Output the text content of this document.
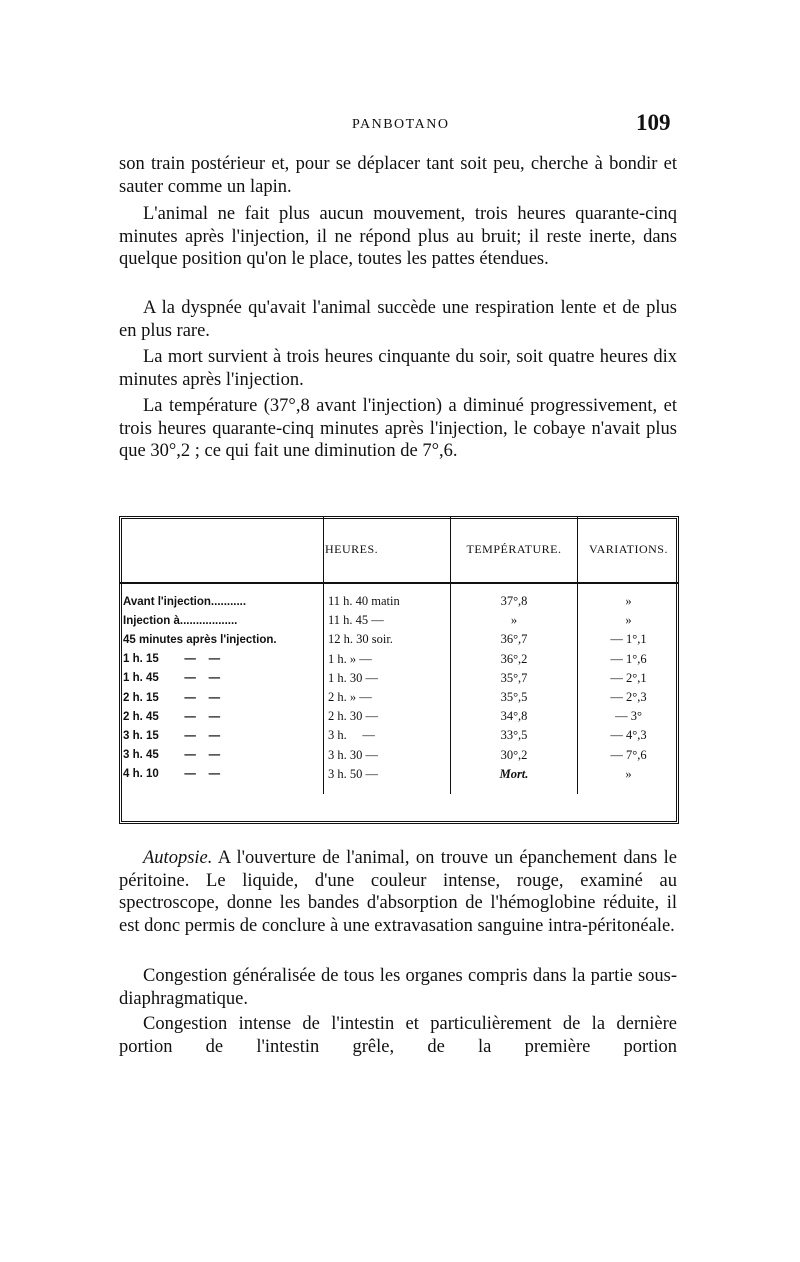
PANBOTANO	109
son train postérieur et, pour se déplacer tant soit peu, cherche à bondir et sauter comme un lapin.
L'animal ne fait plus aucun mouvement, trois heures quarante-cinq minutes après l'injection, il ne répond plus au bruit; il reste inerte, dans quelque position qu'on le place, toutes les pattes étendues.
A la dyspnée qu'avait l'animal succède une respiration lente et de plus en plus rare.
La mort survient à trois heures cinquante du soir, soit quatre heures dix minutes après l'injection.
La température (37°,8 avant l'injection) a diminué progressivement, et trois heures quarante-cinq minutes après l'injection, le cobaye n'avait plus que 30°,2 ; ce qui fait une diminution de 7°,6.
	HEURES.	TEMPÉRATURE.	VARIATIONS.
Avant l'injection...........	11 h. 40 matin	37°,8	»
Injection à..................	11 h. 45 —	»	»
45 minutes après l'injection.	12 h. 30 soir.	36°,7	— 1°,1
1 h. 15        —    —	1 h. » —	36°,2	— 1°,6
1 h. 45        —    —	1 h. 30 —	35°,7	— 2°,1
2 h. 15        —    —	2 h. » —	35°,5	— 2°,3
2 h. 45        —    —	2 h. 30 —	34°,8	— 3°
3 h. 15        —    —	3 h.     —	33°,5	— 4°,3
3 h. 45        —    —	3 h. 30 —	30°,2	— 7°,6
4 h. 10        —    —	3 h. 50 —	Mort.	»
Autopsie. A l'ouverture de l'animal, on trouve un épanchement dans le péritoine. Le liquide, d'une couleur intense, rouge, examiné au spectroscope, donne les bandes d'absorption de l'hémoglobine réduite, il est donc permis de conclure à une extravasation sanguine intra-péritonéale.
Congestion généralisée de tous les organes compris dans la partie sous-diaphragmatique.
Congestion intense de l'intestin et particulièrement de la dernière portion de l'intestin grêle, de la première portion
